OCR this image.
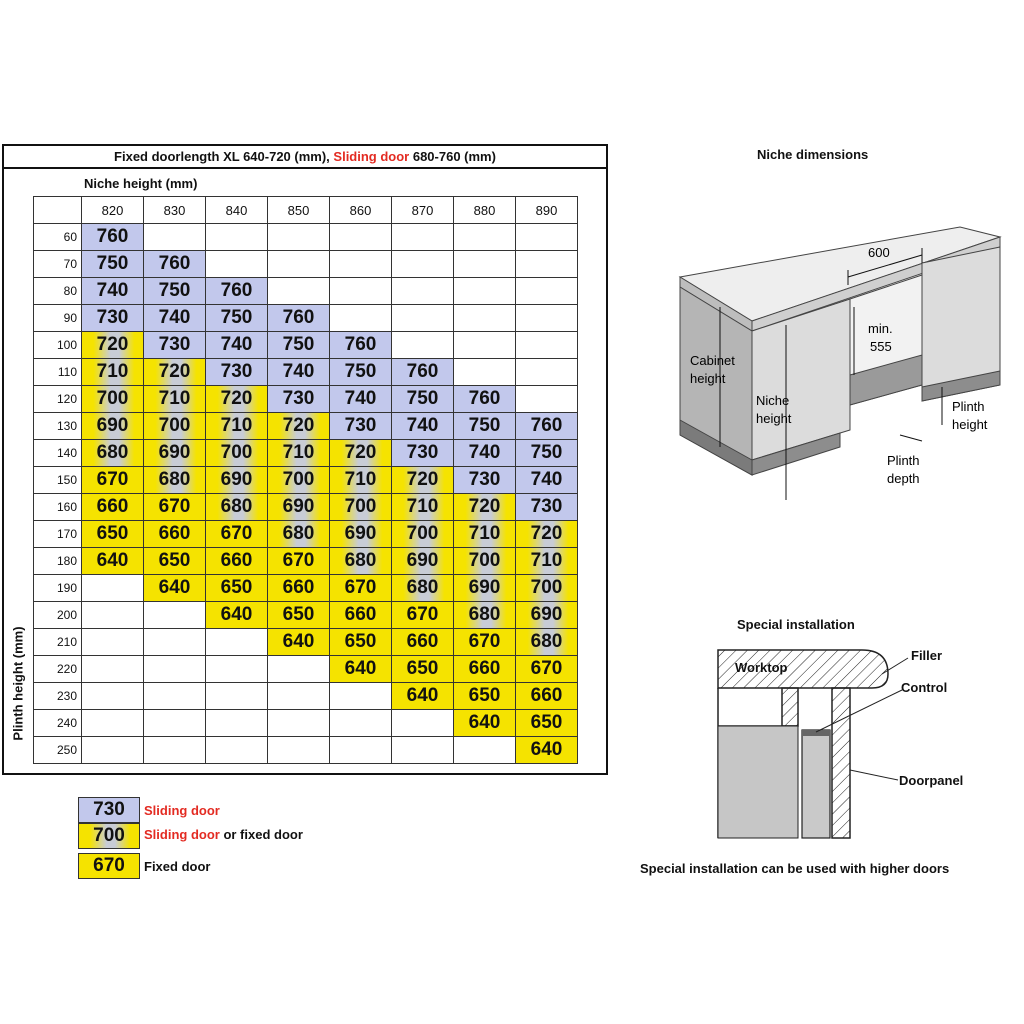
Fixed doorlength XL 640-720 (mm), Sliding door 680-760 (mm)
Niche height (mm)
Plinth height (mm)
	820	830	840	850	860	870	880	890
60	760							
70	750	760						
80	740	750	760					
90	730	740	750	760				
100	720	730	740	750	760			
110	710	720	730	740	750	760		
120	700	710	720	730	740	750	760	
130	690	700	710	720	730	740	750	760
140	680	690	700	710	720	730	740	750
150	670	680	690	700	710	720	730	740
160	660	670	680	690	700	710	720	730
170	650	660	670	680	690	700	710	720
180	640	650	660	670	680	690	700	710
190		640	650	660	670	680	690	700
200			640	650	660	670	680	690
210				640	650	660	670	680
220					640	650	660	670
230						640	650	660
240							640	650
250								640
730	Sliding door
700	Sliding door or fixed door
670	Fixed door
Niche dimensions
600
min.
555
Cabinet
height
Niche
height
Plinth
height
Plinth
depth
Special installation
Worktop
Filler
Control
Doorpanel
Special installation can be used with higher doors
